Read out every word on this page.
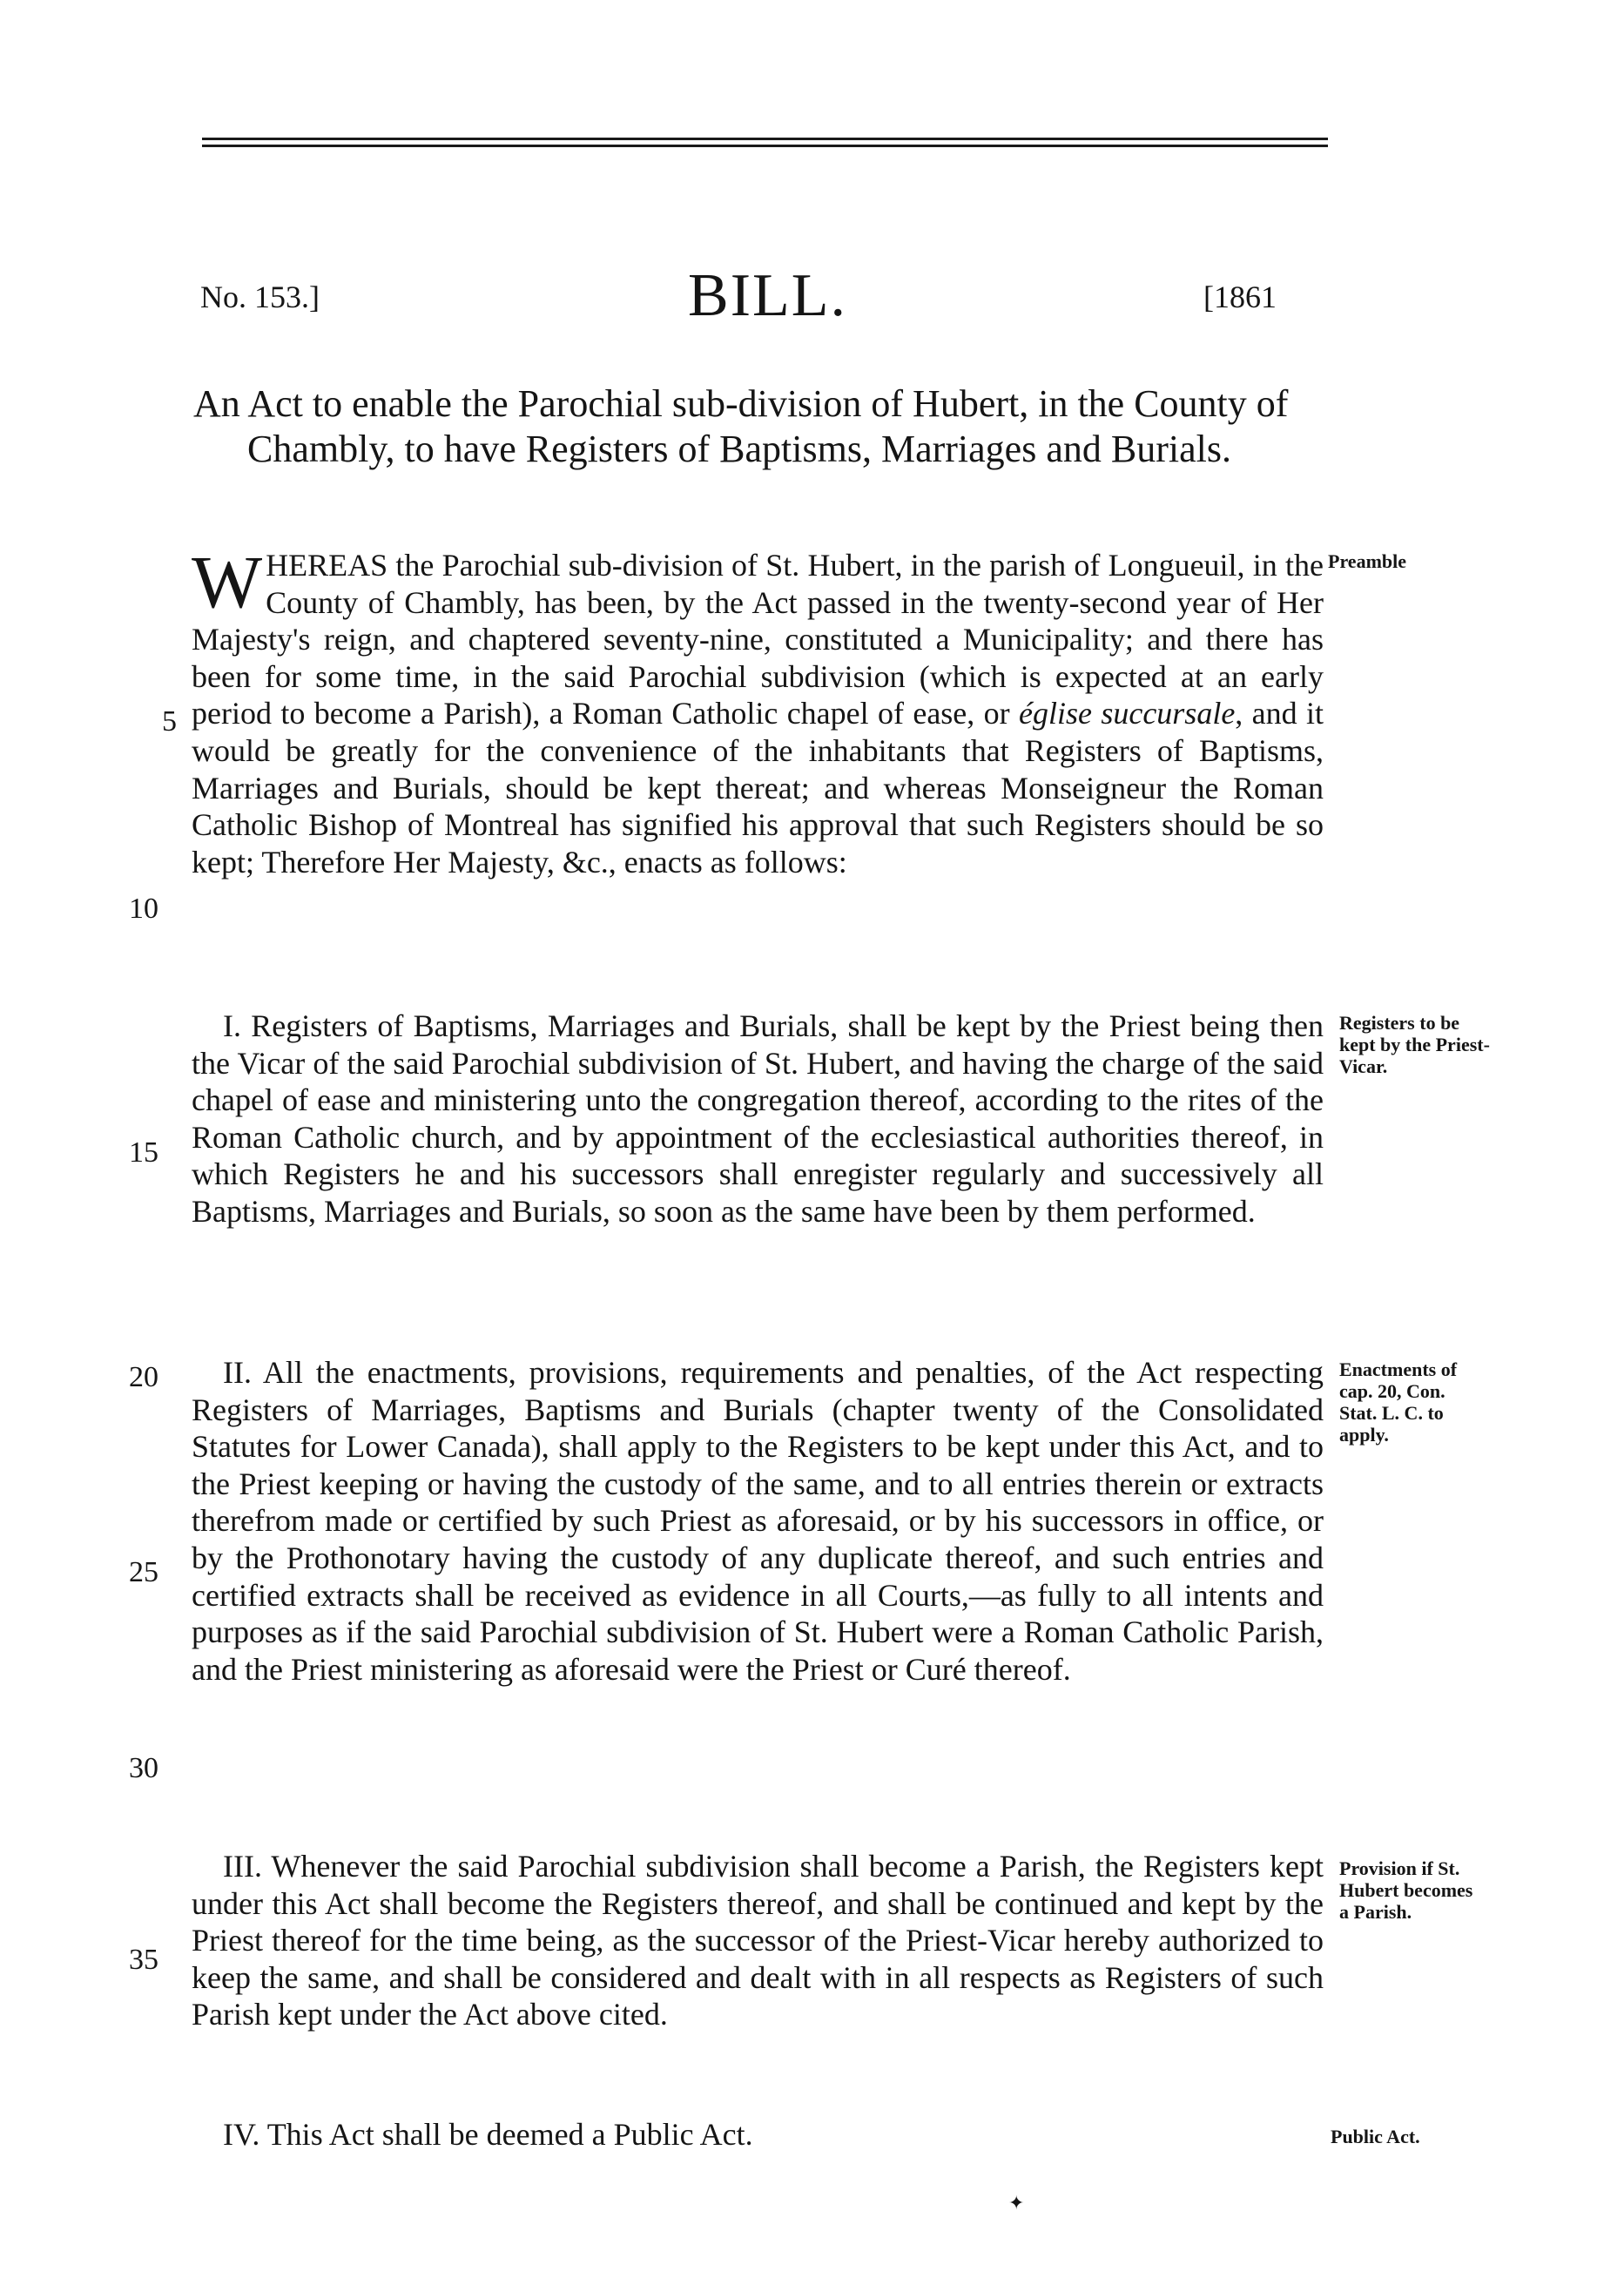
No. 153.]	BILL.	[1861

An Act to enable the Parochial sub-division of Hubert, in the County of Chambly, to have Registers of Baptisms, Marriages and Burials.

WHEREAS the Parochial sub-division of St. Hubert, in the parish of Longueuil, in the County of Chambly, has been, by the Act passed in the twenty-second year of Her Majesty's reign, and chaptered seventy-nine, constituted a Municipality; and there has been for some time, in the said Parochial subdivision (which is expected at an early period to become a Parish), a Roman Catholic chapel of ease, or église succursale, and it would be greatly for the convenience of the inhabitants that Registers of Baptisms, Marriages and Burials, should be kept thereat; and whereas Monseigneur the Roman Catholic Bishop of Montreal has signified his approval that such Registers should be so kept; Therefore Her Majesty, &c., enacts as follows:

Preamble

I. Registers of Baptisms, Marriages and Burials, shall be kept by the Priest being then the Vicar of the said Parochial subdivision of St. Hubert, and having the charge of the said chapel of ease and ministering unto the congregation thereof, according to the rites of the Roman Catholic church, and by appointment of the ecclesiastical authorities thereof, in which Registers he and his successors shall enregister regularly and successively all Baptisms, Marriages and Burials, so soon as the same have been by them performed.

Registers to be kept by the Priest-Vicar.

II. All the enactments, provisions, requirements and penalties, of the Act respecting Registers of Marriages, Baptisms and Burials (chapter twenty of the Consolidated Statutes for Lower Canada), shall apply to the Registers to be kept under this Act, and to the Priest keeping or having the custody of the same, and to all entries therein or extracts therefrom made or certified by such Priest as aforesaid, or by his successors in office, or by the Prothonotary having the custody of any duplicate thereof, and such entries and certified extracts shall be received as evidence in all Courts,—as fully to all intents and purposes as if the said Parochial subdivision of St. Hubert were a Roman Catholic Parish, and the Priest ministering as aforesaid were the Priest or Curé thereof.

Enactments of cap. 20, Con. Stat. L. C. to apply.

III. Whenever the said Parochial subdivision shall become a Parish, the Registers kept under this Act shall become the Registers thereof, and shall be continued and kept by the Priest thereof for the time being, as the successor of the Priest-Vicar hereby authorized to keep the same, and shall be considered and dealt with in all respects as Registers of such Parish kept under the Act above cited.

Provision if St. Hubert becomes a Parish.

IV. This Act shall be deemed a Public Act.	Public Act.

5
10
15
20
25
30
35
✦
